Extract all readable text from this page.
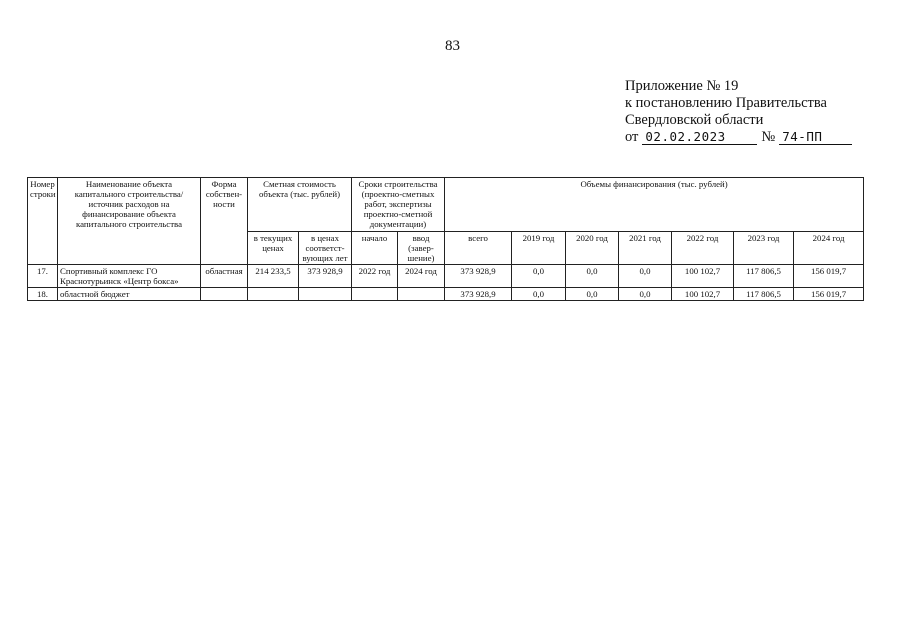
83
Приложение № 19
к постановлению Правительства
Свердловской области
от 02.02.2023	№ 74-ПП
Номер строки	Наименование объекта капитального строительства/ источник расходов на финансирование объекта капитального строительства	Форма собствен-ности	Сметная стоимость объекта (тыс. рублей)		Сроки строительства (проектно-сметных работ, экспертизы проектно-сметной документации)		Объемы финансирования (тыс. рублей)						
			в текущих ценах	в ценах соответст-вующих лет	начало	ввод (завер-шение)	всего	2019 год	2020 год	2021 год	2022 год	2023 год	2024 год
17.	Спортивный комплекс ГО Краснотурьинск «Центр бокса»	областная	214 233,5	373 928,9	2022 год	2024 год	373 928,9	0,0	0,0	0,0	100 102,7	117 806,5	156 019,7
18.	областной бюджет						373 928,9	0,0	0,0	0,0	100 102,7	117 806,5	156 019,7
